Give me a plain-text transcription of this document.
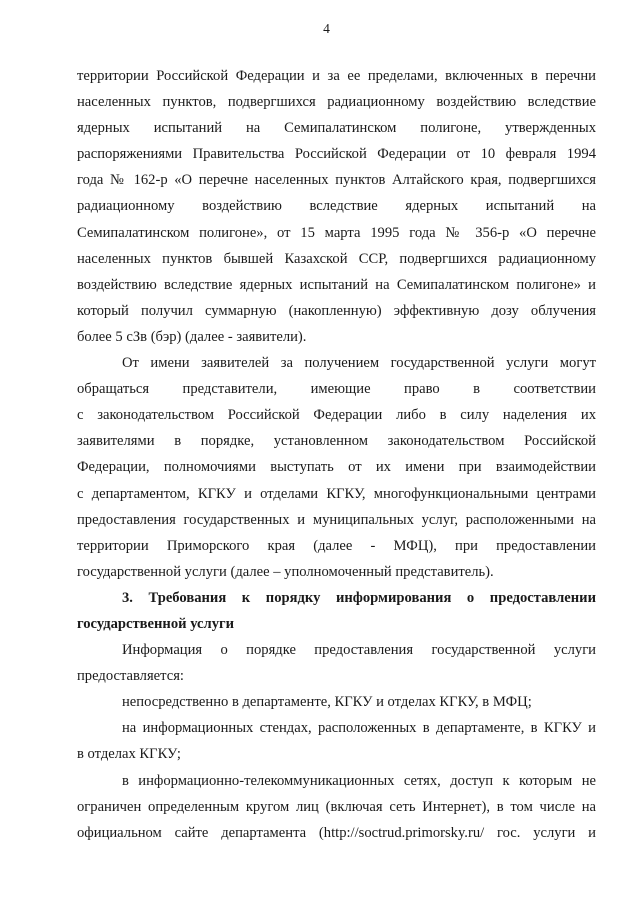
4
территории Российской Федерации и за ее пределами, включенных в перечни
населенных пунктов, подвергшихся радиационному воздействию вследствие
ядерных испытаний на Семипалатинском полигоне, утвержденных
распоряжениями Правительства Российской Федерации от 10 февраля 1994
года № 162-р «О перечне населенных пунктов Алтайского края, подвергшихся
радиационному воздействию вследствие ядерных испытаний на
Семипалатинском полигоне», от 15 марта 1995 года № 356-р «О перечне
населенных пунктов бывшей Казахской ССР, подвергшихся радиационному
воздействию вследствие ядерных испытаний на Семипалатинском полигоне» и
который получил суммарную (накопленную) эффективную дозу облучения
более 5 сЗв (бэр) (далее - заявители).
От имени заявителей за получением государственной услуги могут
обращаться представители, имеющие право в соответствии
с законодательством Российской Федерации либо в силу наделения их
заявителями в порядке, установленном законодательством Российской
Федерации, полномочиями выступать от их имени при взаимодействии
с департаментом, КГКУ и отделами КГКУ, многофункциональными центрами
предоставления государственных и муниципальных услуг, расположенными на
территории Приморского края (далее - МФЦ), при предоставлении
государственной услуги (далее – уполномоченный представитель).
3. Требования к порядку информирования о предоставлении
государственной услуги
Информация о порядке предоставления государственной услуги
предоставляется:
непосредственно в департаменте, КГКУ и отделах КГКУ, в МФЦ;
на информационных стендах, расположенных в департаменте, в КГКУ и
в отделах КГКУ;
в информационно-телекоммуникационных сетях, доступ к которым не
ограничен определенным кругом лиц (включая сеть Интернет), в том числе на
официальном сайте департамента (http://soctrud.primorsky.ru/ гос. услуги и
